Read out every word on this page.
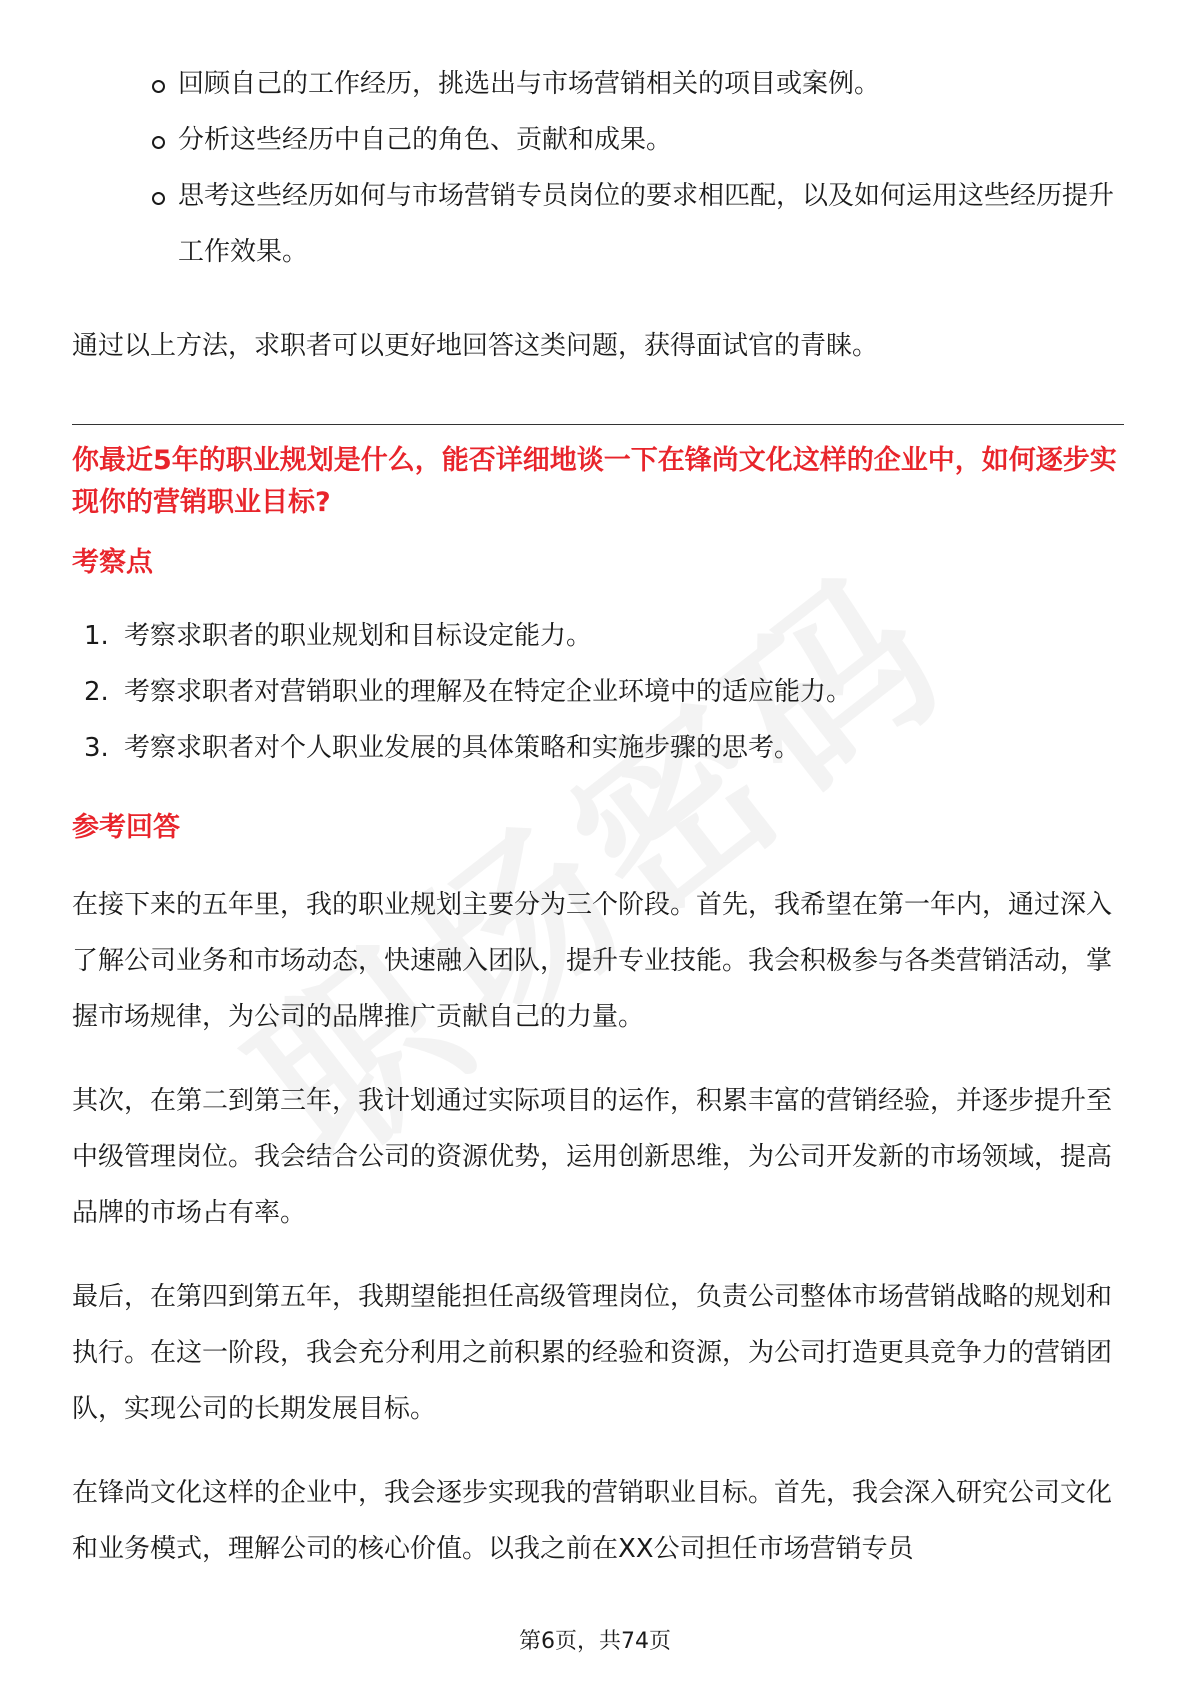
回顾自己的工作经历，挑选出与市场营销相关的项目或案例。
分析这些经历中自己的角色、贡献和成果。
思考这些经历如何与市场营销专员岗位的要求相匹配，以及如何运用这些经历提升工作效果。

通过以上方法，求职者可以更好地回答这类问题，获得面试官的青睐。

你最近5年的职业规划是什么，能否详细地谈一下在锋尚文化这样的企业中，如何逐步实现你的营销职业目标?

考察点
1. 考察求职者的职业规划和目标设定能力。
2. 考察求职者对营销职业的理解及在特定企业环境中的适应能力。
3. 考察求职者对个人职业发展的具体策略和实施步骤的思考。
参考回答

在接下来的五年里，我的职业规划主要分为三个阶段。首先，我希望在第一年内，通过深入了解公司业务和市场动态，快速融入团队，提升专业技能。我会积极参与各类营销活动，掌握市场规律，为公司的品牌推广贡献自己的力量。

其次，在第二到第三年，我计划通过实际项目的运作，积累丰富的营销经验，并逐步提升至中级管理岗位。我会结合公司的资源优势，运用创新思维，为公司开发新的市场领域，提高品牌的市场占有率。

最后，在第四到第五年，我期望能担任高级管理岗位，负责公司整体市场营销战略的规划和执行。在这一阶段，我会充分利用之前积累的经验和资源，为公司打造更具竞争力的营销团队，实现公司的长期发展目标。

在锋尚文化这样的企业中，我会逐步实现我的营销职业目标。首先，我会深入研究公司文化和业务模式，理解公司的核心价值。以我之前在XX公司担任市场营销专员

第6页，共74页
